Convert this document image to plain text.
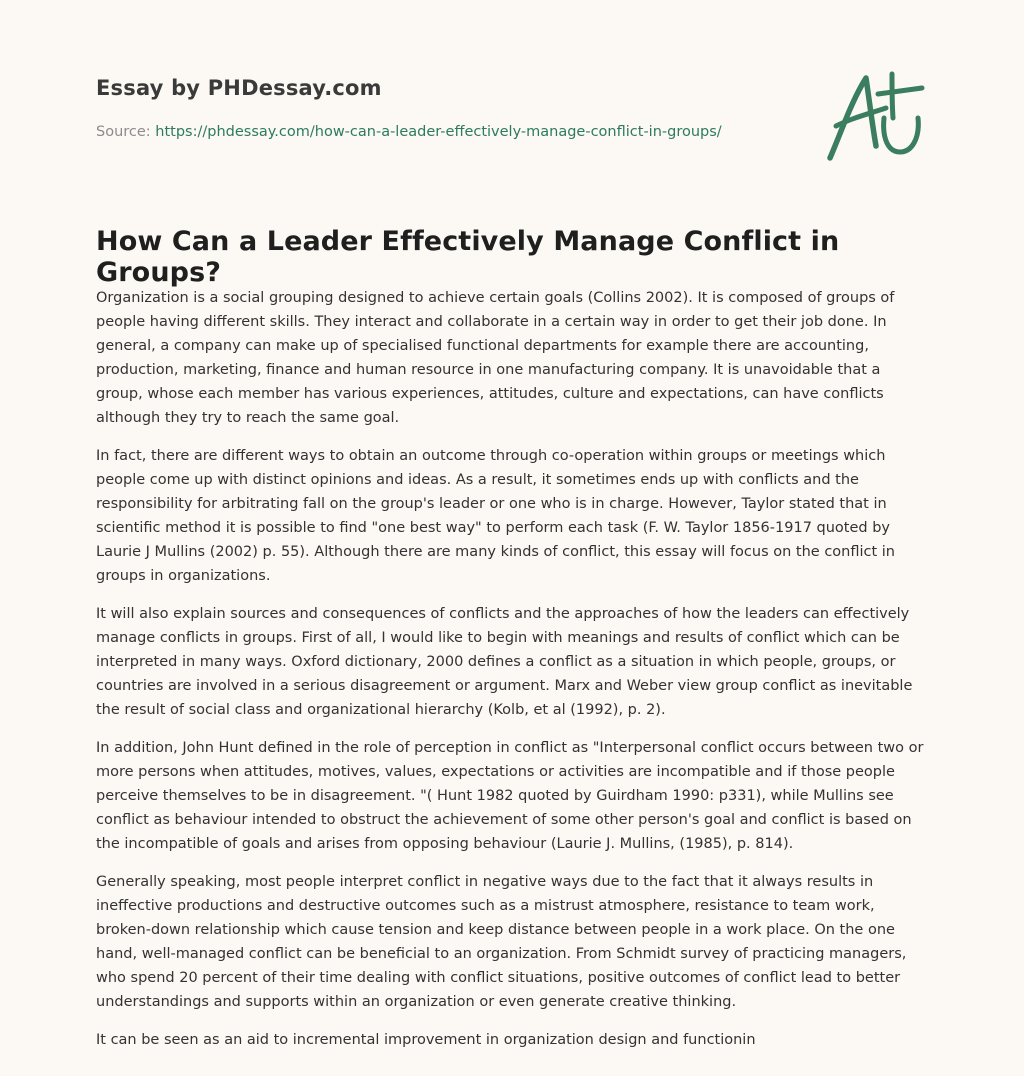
Essay by PHDessay.com
Source: https://phdessay.com/how-can-a-leader-effectively-manage-conflict-in-groups/
How Can a Leader Effectively Manage Conflict in Groups?

Organization is a social grouping designed to achieve certain goals (Collins 2002). It is composed of groups of people having different skills. They interact and collaborate in a certain way in order to get their job done. In general, a company can make up of specialised functional departments for example there are accounting, production, marketing, finance and human resource in one manufacturing company. It is unavoidable that a group, whose each member has various experiences, attitudes, culture and expectations, can have conflicts although they try to reach the same goal.

In fact, there are different ways to obtain an outcome through co-operation within groups or meetings which people come up with distinct opinions and ideas. As a result, it sometimes ends up with conflicts and the responsibility for arbitrating fall on the group's leader or one who is in charge. However, Taylor stated that in scientific method it is possible to find "one best way" to perform each task (F. W. Taylor 1856-1917 quoted by Laurie J Mullins (2002) p. 55). Although there are many kinds of conflict, this essay will focus on the conflict in groups in organizations.

It will also explain sources and consequences of conflicts and the approaches of how the leaders can effectively manage conflicts in groups. First of all, I would like to begin with meanings and results of conflict which can be interpreted in many ways. Oxford dictionary, 2000 defines a conflict as a situation in which people, groups, or countries are involved in a serious disagreement or argument. Marx and Weber view group conflict as inevitable the result of social class and organizational hierarchy (Kolb, et al (1992), p. 2).

In addition, John Hunt defined in the role of perception in conflict as "Interpersonal conflict occurs between two or more persons when attitudes, motives, values, expectations or activities are incompatible and if those people perceive themselves to be in disagreement. "( Hunt 1982 quoted by Guirdham 1990: p331), while Mullins see conflict as behaviour intended to obstruct the achievement of some other person's goal and conflict is based on the incompatible of goals and arises from opposing behaviour (Laurie J. Mullins, (1985), p. 814).

Generally speaking, most people interpret conflict in negative ways due to the fact that it always results in ineffective productions and destructive outcomes such as a mistrust atmosphere, resistance to team work, broken-down relationship which cause tension and keep distance between people in a work place. On the one hand, well-managed conflict can be beneficial to an organization. From Schmidt survey of practicing managers, who spend 20 percent of their time dealing with conflict situations, positive outcomes of conflict lead to better understandings and supports within an organization or even generate creative thinking.

It can be seen as an aid to incremental improvement in organization design and functionin
